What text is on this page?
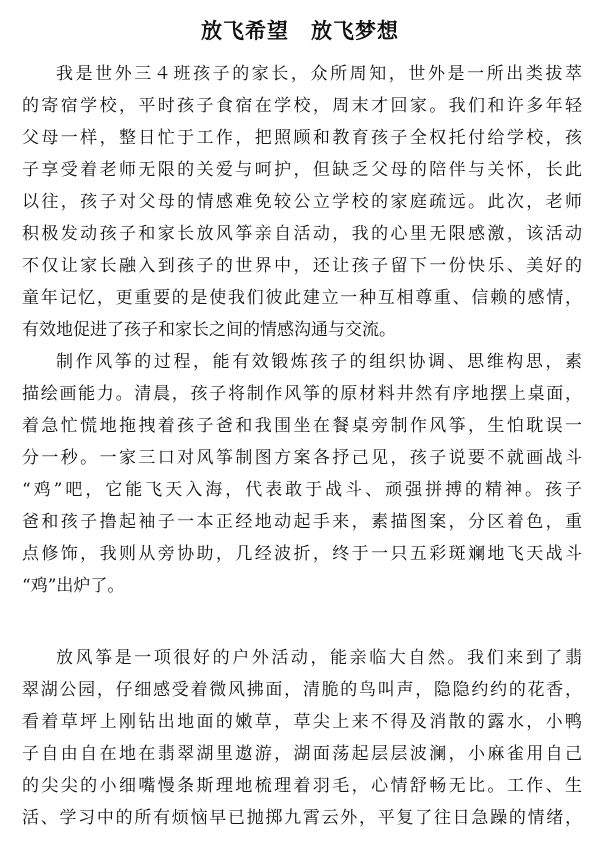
放飞希望　放飞梦想
我是世外三４班孩子的家长，众所周知，世外是一所出类拔萃
的寄宿学校，平时孩子食宿在学校，周末才回家。我们和许多年轻
父母一样，整日忙于工作，把照顾和教育孩子全权托付给学校，孩
子享受着老师无限的关爱与呵护，但缺乏父母的陪伴与关怀，长此
以往，孩子对父母的情感难免较公立学校的家庭疏远。此次，老师
积极发动孩子和家长放风筝亲自活动，我的心里无限感激，该活动
不仅让家长融入到孩子的世界中，还让孩子留下一份快乐、美好的
童年记忆，更重要的是使我们彼此建立一种互相尊重、信赖的感情，
有效地促进了孩子和家长之间的情感沟通与交流。
制作风筝的过程，能有效锻炼孩子的组织协调、思维构思，素
描绘画能力。清晨，孩子将制作风筝的原材料井然有序地摆上桌面，
着急忙慌地拖拽着孩子爸和我围坐在餐桌旁制作风筝，生怕耽误一
分一秒。一家三口对风筝制图方案各抒己见，孩子说要不就画战斗
“鸡”吧，它能飞天入海，代表敢于战斗、顽强拼搏的精神。孩子
爸和孩子撸起袖子一本正经地动起手来，素描图案，分区着色，重
点修饰，我则从旁协助，几经波折，终于一只五彩斑斓地飞天战斗
“鸡”出炉了。
放风筝是一项很好的户外活动，能亲临大自然。我们来到了翡
翠湖公园，仔细感受着微风拂面，清脆的鸟叫声，隐隐约约的花香，
看着草坪上刚钻出地面的嫩草，草尖上来不得及消散的露水，小鸭
子自由自在地在翡翠湖里遨游，湖面荡起层层波澜，小麻雀用自己
的尖尖的小细嘴慢条斯理地梳理着羽毛，心情舒畅无比。工作、生
活、学习中的所有烦恼早已抛掷九霄云外，平复了往日急躁的情绪，
